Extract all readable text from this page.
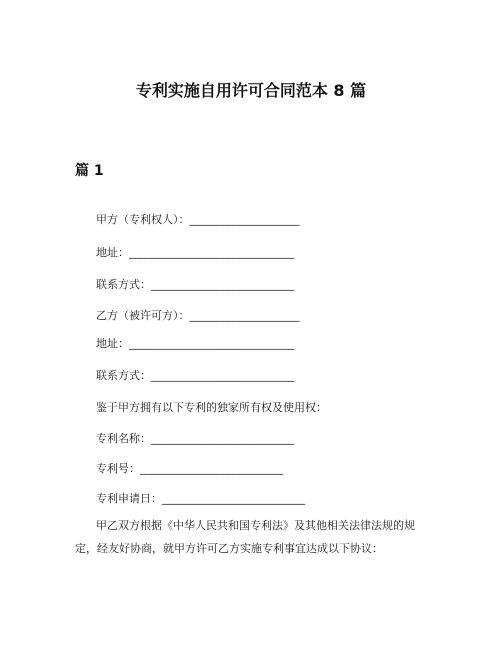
专利实施自用许可合同范本 8 篇
篇 1
甲方（专利权人）：____________________
地址：______________________________
联系方式：__________________________
乙方（被许可方）：____________________
地址：______________________________
联系方式：__________________________
鉴于甲方拥有以下专利的独家所有权及使用权：
专利名称：__________________________
专利号：__________________________
专利申请日：__________________________
甲乙双方根据《中华人民共和国专利法》及其他相关法律法规的规定，经友好协商，就甲方许可乙方实施专利事宜达成以下协议：
